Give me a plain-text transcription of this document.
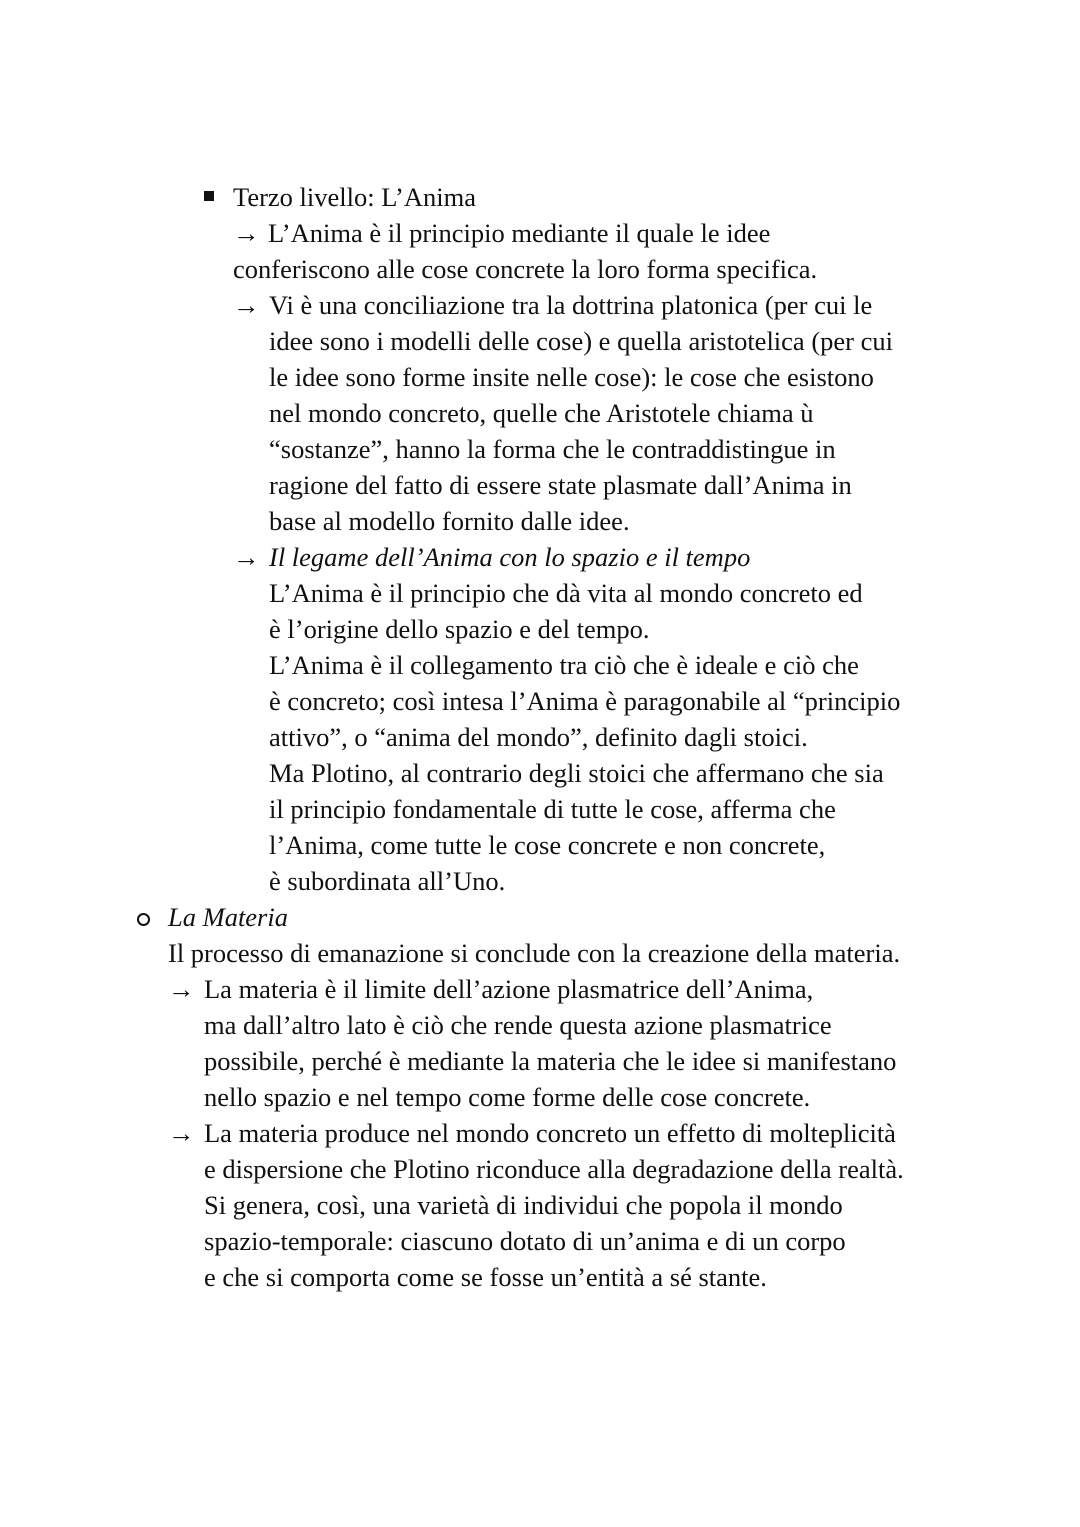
Terzo livello: L’Anima
→ L’Anima è il principio mediante il quale le idee
conferiscono alle cose concrete la loro forma specifica.
→ Vi è una conciliazione tra la dottrina platonica (per cui le
idee sono i modelli delle cose) e quella aristotelica (per cui
le idee sono forme insite nelle cose): le cose che esistono
nel mondo concreto, quelle che Aristotele chiama ù
“sostanze”, hanno la forma che le contraddistingue in
ragione del fatto di essere state plasmate dall’Anima in
base al modello fornito dalle idee.
→ Il legame dell’Anima con lo spazio e il tempo
L’Anima è il principio che dà vita al mondo concreto ed
è l’origine dello spazio e del tempo.
L’Anima è il collegamento tra ciò che è ideale e ciò che
è concreto; così intesa l’Anima è paragonabile al “principio
attivo”, o “anima del mondo”, definito dagli stoici.
Ma Plotino, al contrario degli stoici che affermano che sia
il principio fondamentale di tutte le cose, afferma che
l’Anima, come tutte le cose concrete e non concrete,
è subordinata all’Uno.
La Materia
Il processo di emanazione si conclude con la creazione della materia.
→ La materia è il limite dell’azione plasmatrice dell’Anima,
ma dall’altro lato è ciò che rende questa azione plasmatrice
possibile, perché è mediante la materia che le idee si manifestano
nello spazio e nel tempo come forme delle cose concrete.
→ La materia produce nel mondo concreto un effetto di molteplicità
e dispersione che Plotino riconduce alla degradazione della realtà.
Si genera, così, una varietà di individui che popola il mondo
spazio-temporale: ciascuno dotato di un’anima e di un corpo
e che si comporta come se fosse un’entità a sé stante.
